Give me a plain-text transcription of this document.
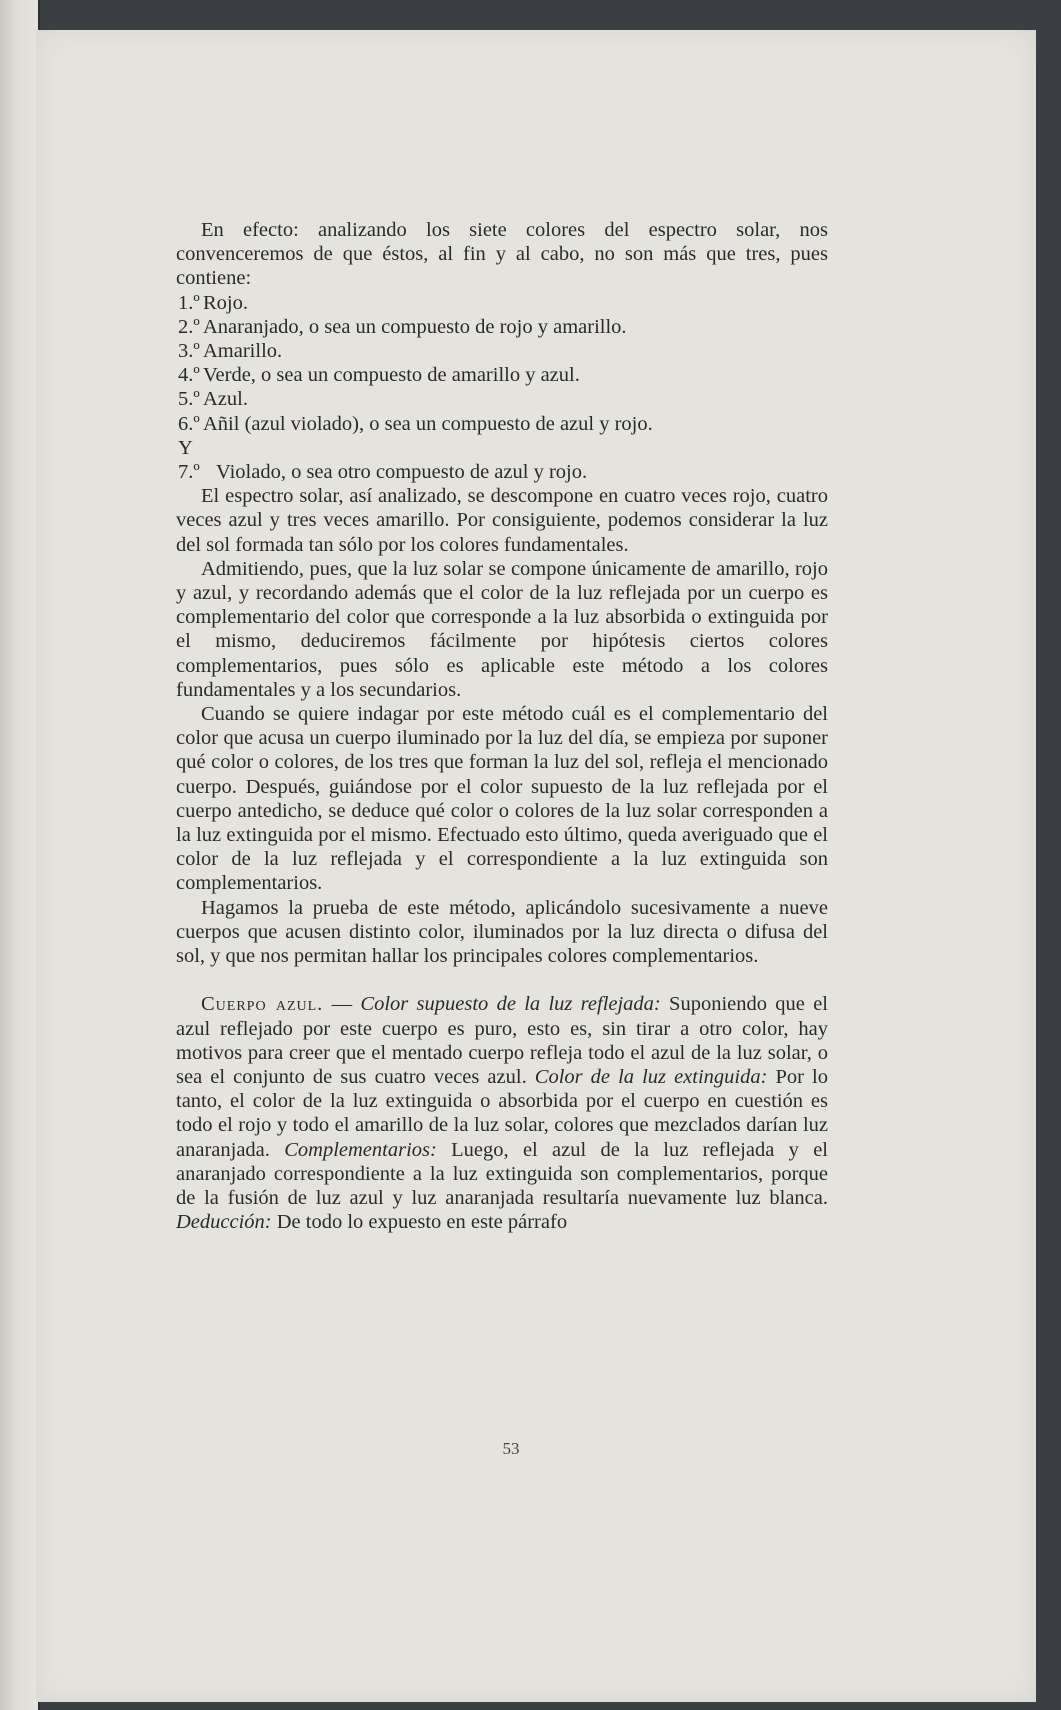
En efecto: analizando los siete colores del espectro solar, nos convenceremos de que éstos, al fin y al cabo, no son más que tres, pues contiene:

1.º Rojo.
2.º Anaranjado, o sea un compuesto de rojo y amarillo.
3.º Amarillo.
4.º Verde, o sea un compuesto de amarillo y azul.
5.º Azul.

6.º Añil (azul violado), o sea un compuesto de azul y rojo.

Y 7.º Violado, o sea otro compuesto de azul y rojo.

El espectro solar, así analizado, se descompone en cuatro veces rojo, cuatro veces azul y tres veces amarillo. Por consiguiente, podemos considerar la luz del sol formada tan sólo por los colores fundamentales.

Admitiendo, pues, que la luz solar se compone únicamente de amarillo, rojo y azul, y recordando además que el color de la luz reflejada por un cuerpo es complementario del color que corresponde a la luz absorbida o extinguida por el mismo, deduciremos fácilmente por hipótesis ciertos colores complementarios, pues sólo es aplicable este método a los colores fundamentales y a los secundarios.

Cuando se quiere indagar por este método cuál es el complementario del color que acusa un cuerpo iluminado por la luz del día, se empieza por suponer qué color o colores, de los tres que forman la luz del sol, refleja el mencionado cuerpo. Después, guiándose por el color supuesto de la luz reflejada por el cuerpo antedicho, se deduce qué color o colores de la luz solar corresponden a la luz extinguida por el mismo. Efectuado esto último, queda averiguado que el color de la luz reflejada y el correspondiente a la luz extinguida son complementarios.

Hagamos la prueba de este método, aplicándolo sucesivamente a nueve cuerpos que acusen distinto color, iluminados por la luz directa o difusa del sol, y que nos permitan hallar los principales colores complementarios.

Cuerpo azul. — Color supuesto de la luz reflejada: Suponiendo que el azul reflejado por este cuerpo es puro, esto es, sin tirar a otro color, hay motivos para creer que el mentado cuerpo refleja todo el azul de la luz solar, o sea el conjunto de sus cuatro veces azul. Color de la luz extinguida: Por lo tanto, el color de la luz extinguida o absorbida por el cuerpo en cuestión es todo el rojo y todo el amarillo de la luz solar, colores que mezclados darían luz anaranjada. Complementarios: Luego, el azul de la luz reflejada y el anaranjado correspondiente a la luz extinguida son complementarios, porque de la fusión de luz azul y luz anaranjada resultaría nuevamente luz blanca. Deducción: De todo lo expuesto en este párrafo

53
